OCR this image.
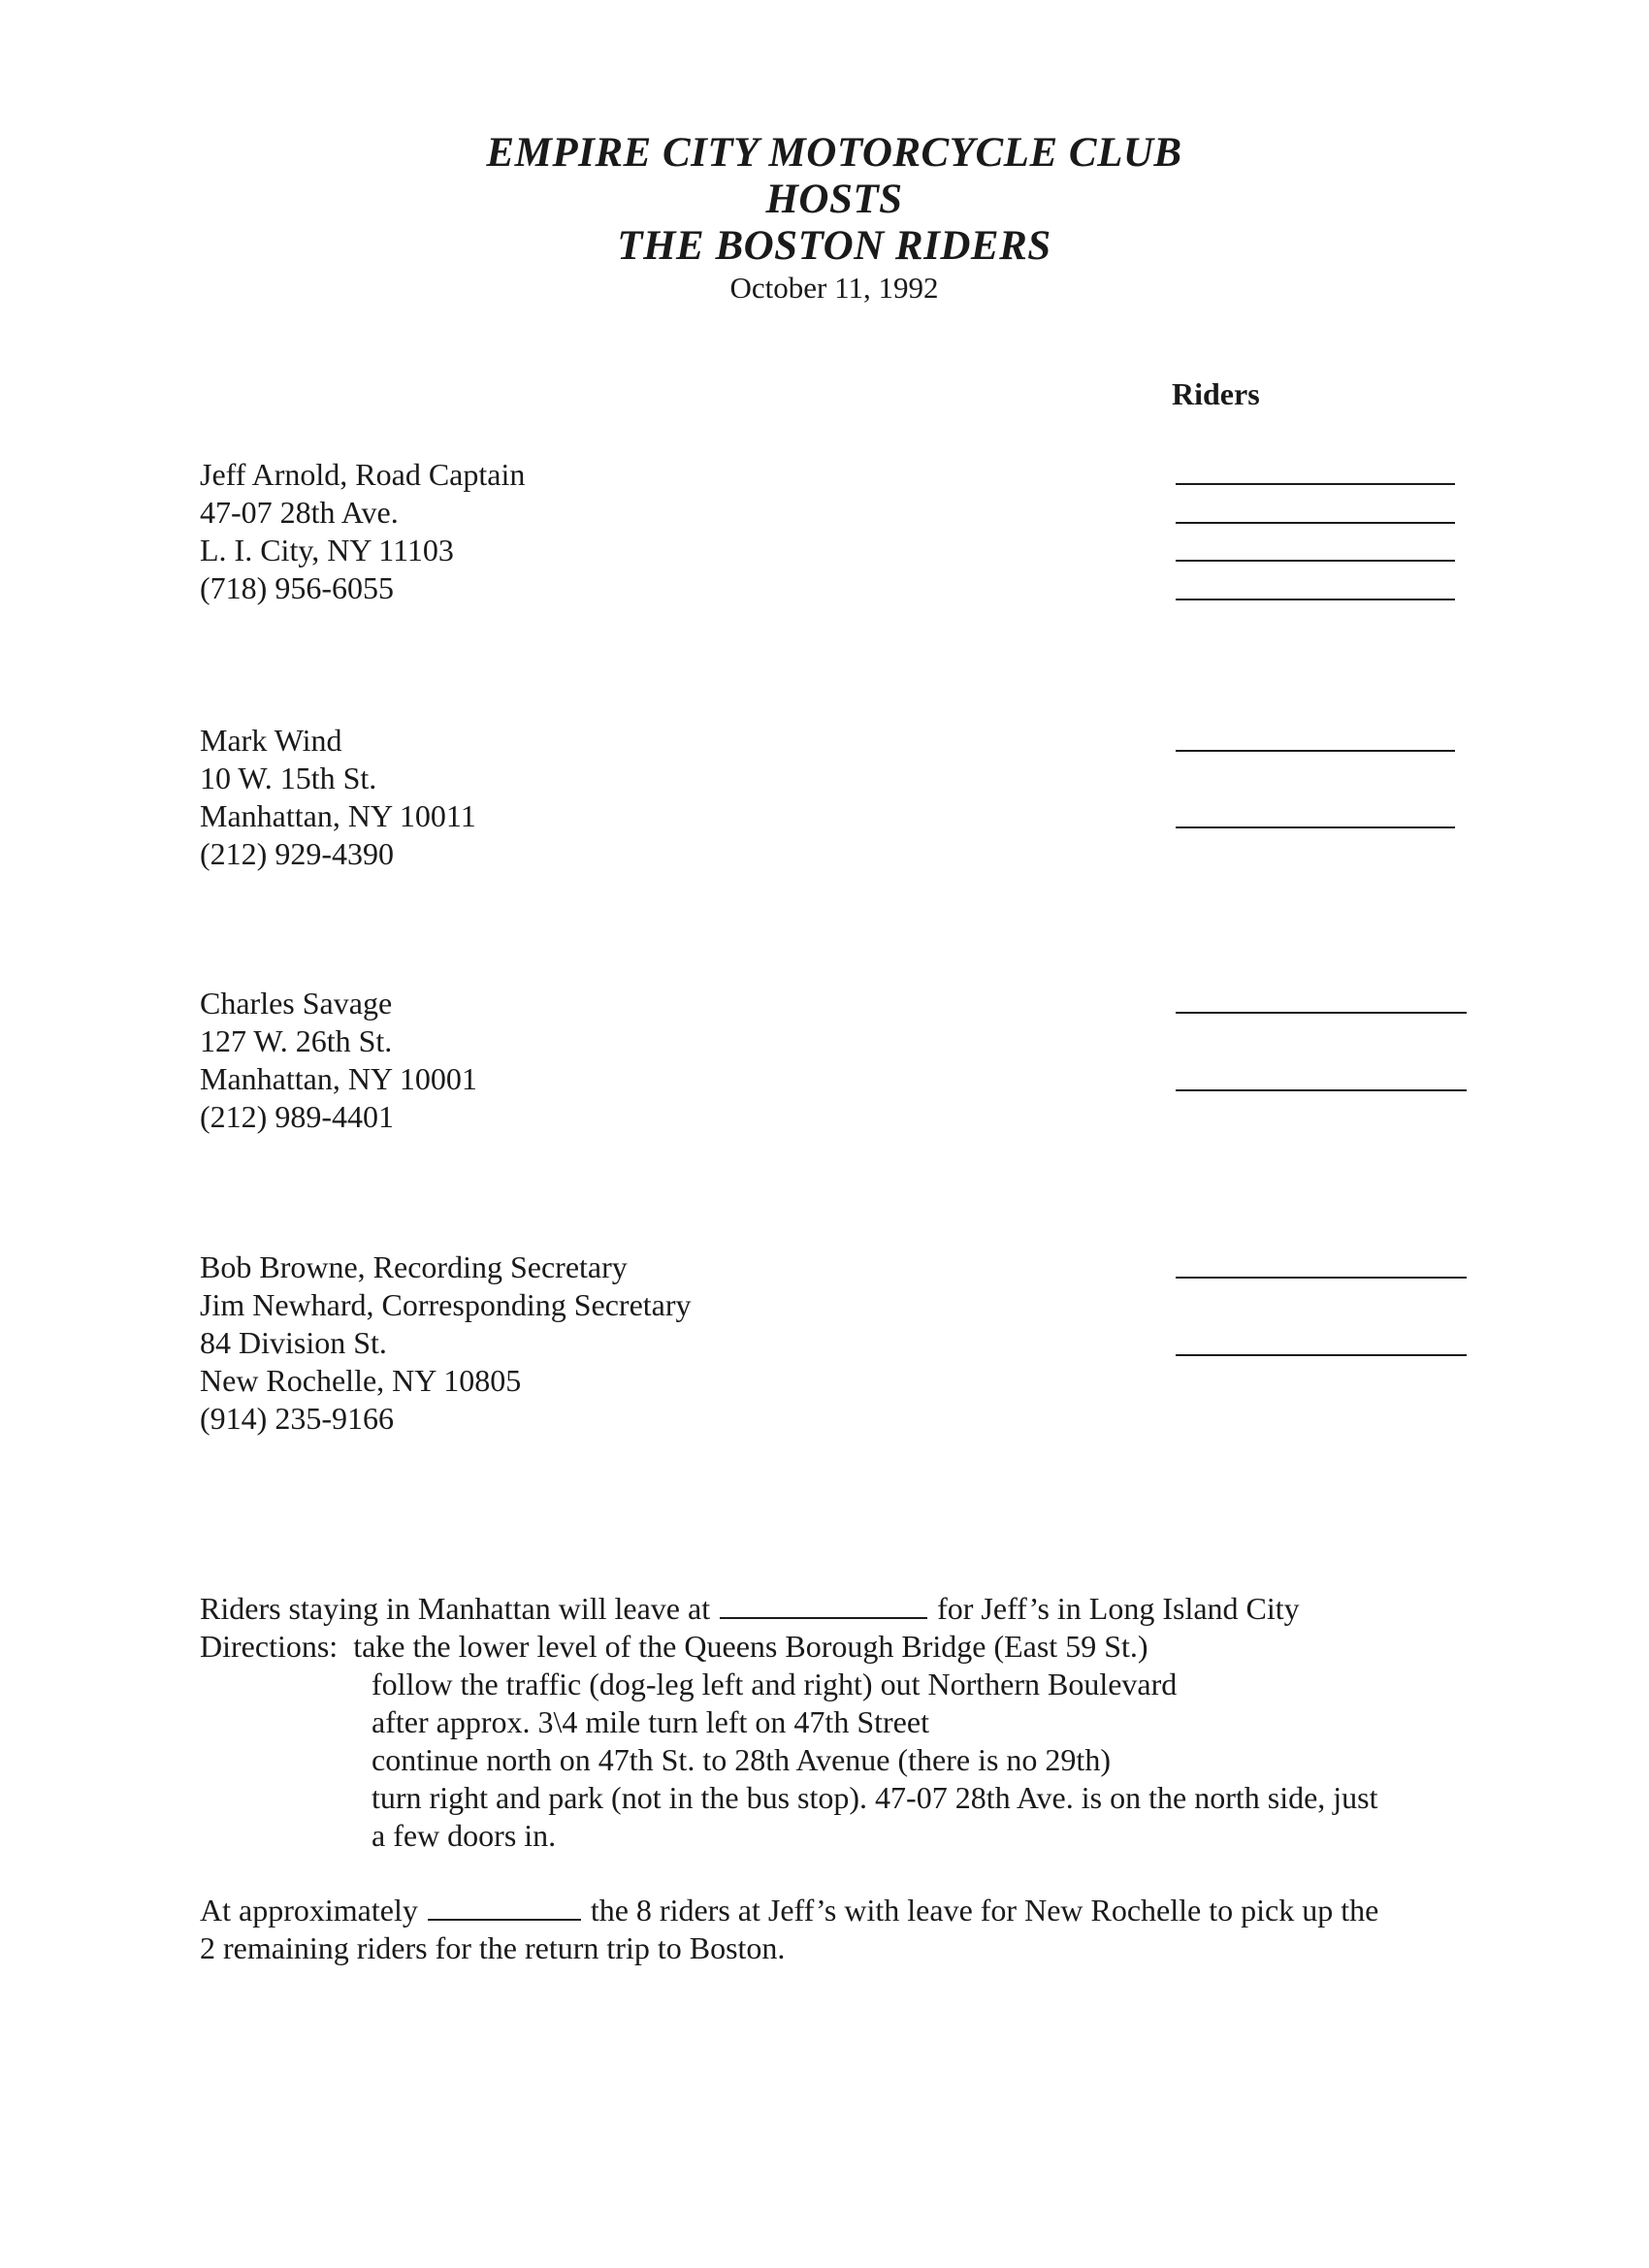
EMPIRE CITY MOTORCYCLE CLUB
HOSTS
THE BOSTON RIDERS
October 11, 1992
Riders
Jeff Arnold, Road Captain
47-07 28th Ave.
L. I. City, NY 11103
(718) 956-6055
Mark Wind
10 W. 15th St.
Manhattan, NY 10011
(212) 929-4390
Charles Savage
127 W. 26th St.
Manhattan, NY 10001
(212) 989-4401
Bob Browne, Recording Secretary
Jim Newhard, Corresponding Secretary
84 Division St.
New Rochelle, NY 10805
(914) 235-9166
Riders staying in Manhattan will leave at	for Jeff’s in Long Island City
Directions: take the lower level of the Queens Borough Bridge (East 59 St.)
follow the traffic (dog-leg left and right) out Northern Boulevard
after approx. 3\4 mile turn left on 47th Street
continue north on 47th St. to 28th Avenue (there is no 29th)
turn right and park (not in the bus stop). 47-07 28th Ave. is on the north side, just
a few doors in.
At approximately	the 8 riders at Jeff’s with leave for New Rochelle to pick up the
2 remaining riders for the return trip to Boston.
